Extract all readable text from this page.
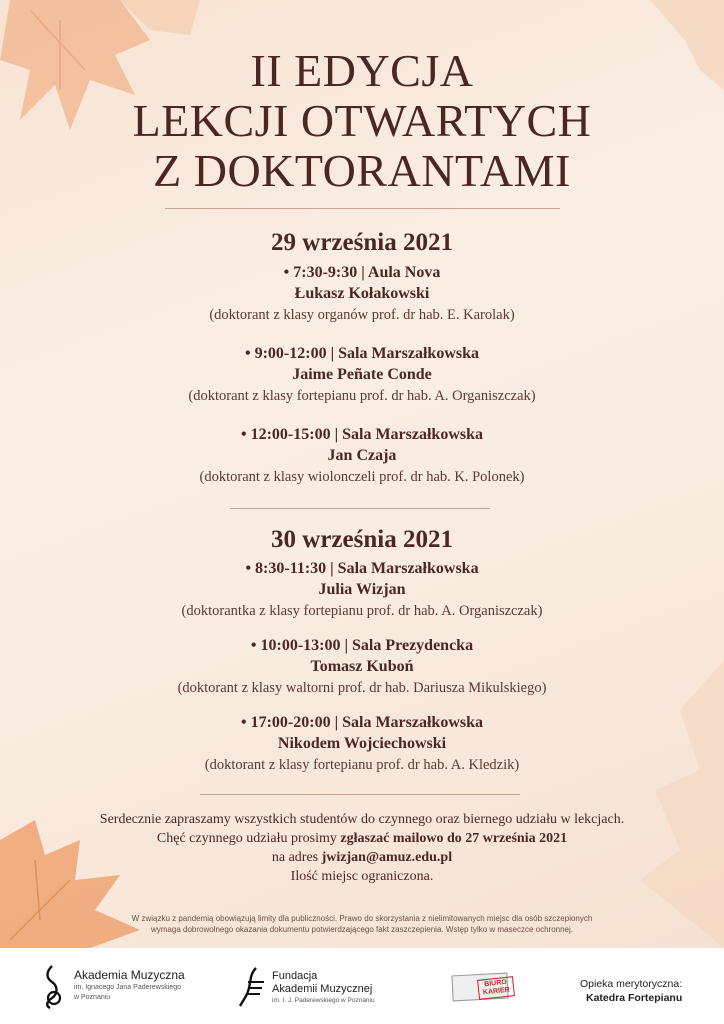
II EDYCJA
LEKCJI OTWARTYCH
Z DOKTORANTAMI
29 września 2021
• 7:30-9:30 | Aula Nova
Łukasz Kołakowski
(doktorant z klasy organów prof. dr hab. E. Karolak)
• 9:00-12:00 | Sala Marszałkowska
Jaime Peñate Conde
(doktorant z klasy fortepianu prof. dr hab. A. Organiszczak)
• 12:00-15:00 | Sala Marszałkowska
Jan Czaja
(doktorant z klasy wiolonczeli prof. dr hab. K. Polonek)
30 września 2021
• 8:30-11:30 | Sala Marszałkowska
Julia Wizjan
(doktorantka z klasy fortepianu prof. dr hab. A. Organiszczak)
• 10:00-13:00 | Sala Prezydencka
Tomasz Kuboń
(doktorant z klasy waltorni prof. dr hab. Dariusza Mikulskiego)
• 17:00-20:00 | Sala Marszałkowska
Nikodem Wojciechowski
(doktorant z klasy fortepianu prof. dr hab. A. Kledzik)
Serdecznie zapraszamy wszystkich studentów do czynnego oraz biernego udziału w lekcjach.
Chęć czynnego udziału prosimy zgłaszać mailowo do 27 września 2021
na adres jwizjan@amuz.edu.pl
Ilość miejsc ograniczona.
W związku z pandemią obowiązują limity dla publiczności. Prawo do skorzystania z nielimitowanych miejsc dla osób szczepionych
wymaga dobrowolnego okazania dokumentu potwierdzającego fakt zaszczepienia. Wstęp tylko w maseczce ochronnej.
Akademia Muzyczna
im. Ignacego Jana Paderewskiego
w Poznaniu
Fundacja
Akademii Muzycznej
im. I. J. Paderewskiego w Poznaniu
BIURO KARIER
Opieka merytoryczna:
Katedra Fortepianu
